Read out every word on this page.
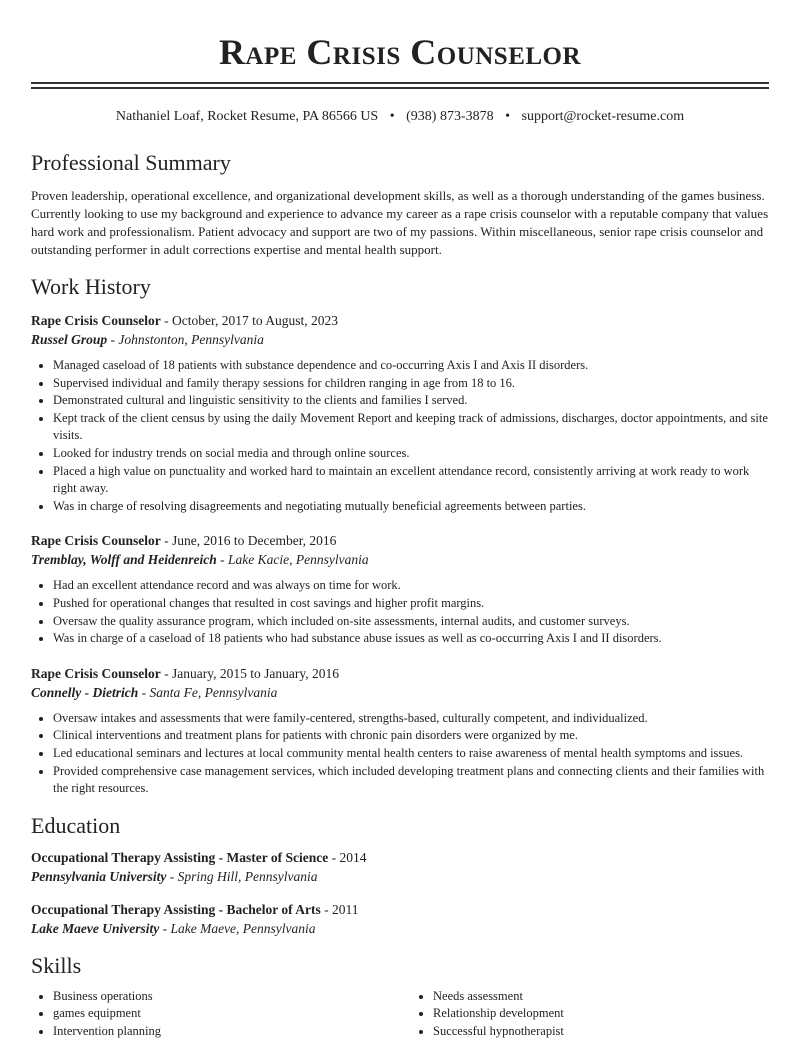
Rape Crisis Counselor
Nathaniel Loaf, Rocket Resume, PA 86566 US • (938) 873-3878 • support@rocket-resume.com
Professional Summary

Proven leadership, operational excellence, and organizational development skills, as well as a thorough understanding of the games business. Currently looking to use my background and experience to advance my career as a rape crisis counselor with a reputable company that values hard work and professionalism. Patient advocacy and support are two of my passions. Within miscellaneous, senior rape crisis counselor and outstanding performer in adult corrections expertise and mental health support.

Work History
Rape Crisis Counselor - October, 2017 to August, 2023
Russel Group - Johnstonton, Pennsylvania
• Managed caseload of 18 patients with substance dependence and co-occurring Axis I and Axis II disorders.
• Supervised individual and family therapy sessions for children ranging in age from 18 to 16.
• Demonstrated cultural and linguistic sensitivity to the clients and families I served.
• Kept track of the client census by using the daily Movement Report and keeping track of admissions, discharges, doctor appointments, and site visits.
• Looked for industry trends on social media and through online sources.
• Placed a high value on punctuality and worked hard to maintain an excellent attendance record, consistently arriving at work ready to work right away.
• Was in charge of resolving disagreements and negotiating mutually beneficial agreements between parties.
Rape Crisis Counselor - June, 2016 to December, 2016
Tremblay, Wolff and Heidenreich - Lake Kacie, Pennsylvania
• Had an excellent attendance record and was always on time for work.
• Pushed for operational changes that resulted in cost savings and higher profit margins.
• Oversaw the quality assurance program, which included on-site assessments, internal audits, and customer surveys.
• Was in charge of a caseload of 18 patients who had substance abuse issues as well as co-occurring Axis I and II disorders.
Rape Crisis Counselor - January, 2015 to January, 2016
Connelly - Dietrich - Santa Fe, Pennsylvania
• Oversaw intakes and assessments that were family-centered, strengths-based, culturally competent, and individualized.
• Clinical interventions and treatment plans for patients with chronic pain disorders were organized by me.
• Led educational seminars and lectures at local community mental health centers to raise awareness of mental health symptoms and issues.
• Provided comprehensive case management services, which included developing treatment plans and connecting clients and their families with the right resources.
Education
Occupational Therapy Assisting - Master of Science - 2014
Pennsylvania University - Spring Hill, Pennsylvania
Occupational Therapy Assisting - Bachelor of Arts - 2011
Lake Maeve University - Lake Maeve, Pennsylvania
Skills
• Business operations
• games equipment
• Intervention planning
• Needs assessment
• Relationship development
• Successful hypnotherapist
